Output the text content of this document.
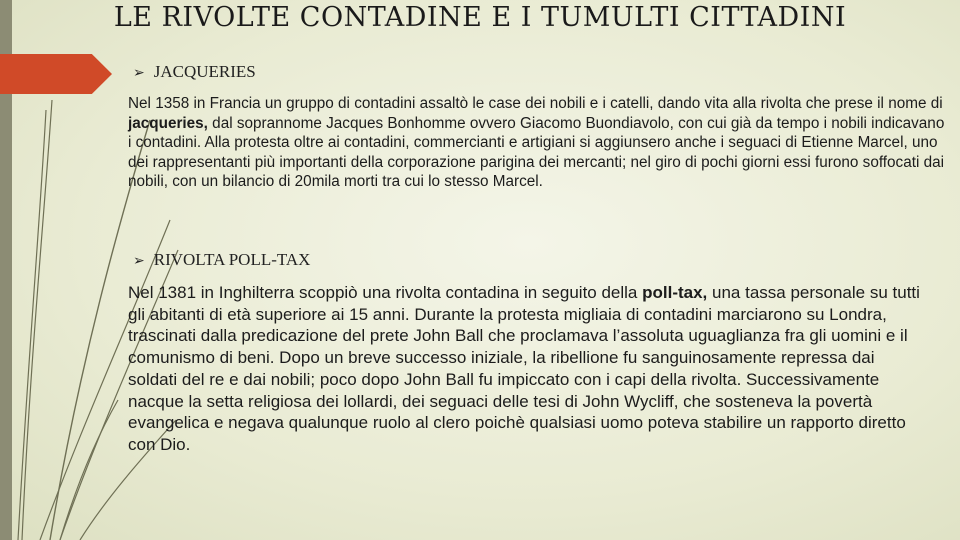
LE RIVOLTE CONTADINE E I TUMULTI CITTADINI
➢ JACQUERIES
Nel 1358 in Francia un gruppo di contadini assaltò le case dei nobili e i catelli, dando vita alla rivolta che prese il nome di jacqueries, dal soprannome Jacques Bonhomme ovvero Giacomo Buondiavolo, con cui già da tempo i nobili indicavano i contadini. Alla protesta oltre ai contadini, commercianti e artigiani si aggiunsero anche i seguaci di Etienne Marcel, uno dei rappresentanti più importanti della corporazione parigina dei mercanti; nel giro di pochi giorni essi furono soffocati dai nobili, con un bilancio di 20mila morti tra cui lo stesso Marcel.
➢ RIVOLTA POLL-TAX
Nel 1381 in Inghilterra scoppiò una rivolta contadina in seguito della poll-tax, una tassa personale su tutti gli abitanti di età superiore ai 15 anni. Durante la protesta migliaia di contadini marciarono su Londra, trascinati dalla predicazione del prete John Ball che proclamava l’assoluta uguaglianza fra gli uomini e il comunismo di beni. Dopo un breve successo iniziale, la ribellione fu sanguinosamente repressa dai soldati del re e dai nobili; poco dopo John Ball fu impiccato con i capi della rivolta. Successivamente nacque la setta religiosa dei lollardi, dei seguaci delle tesi di John Wycliff, che sosteneva la povertà evangelica e negava qualunque ruolo al clero poichè qualsiasi uomo poteva stabilire un rapporto diretto con Dio.
